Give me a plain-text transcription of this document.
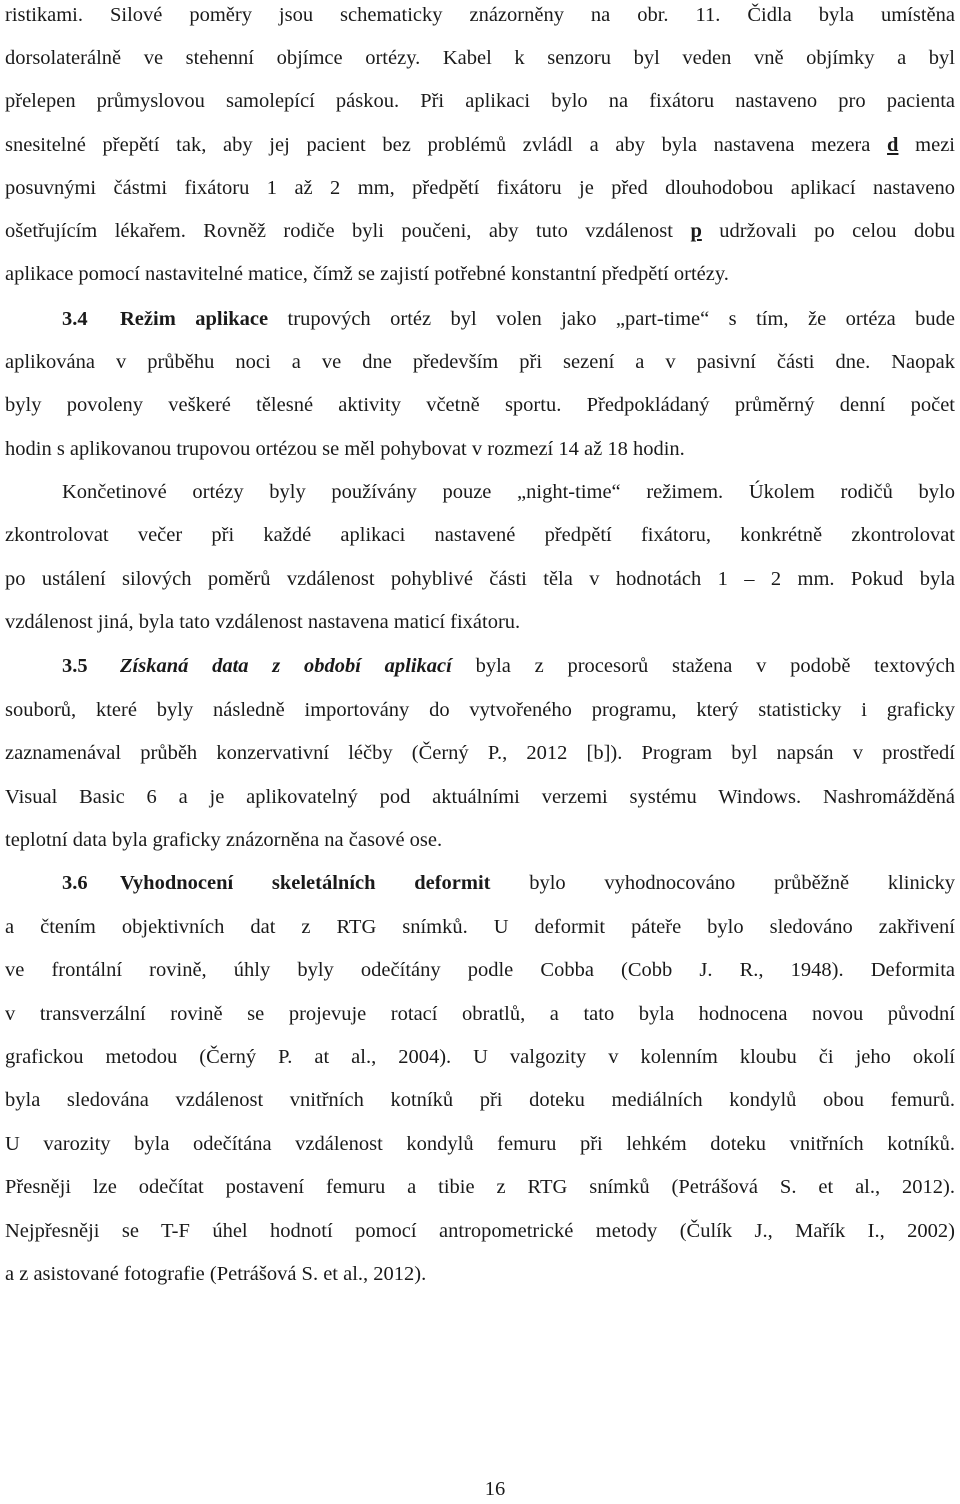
ristikami. Silové poměry jsou schematicky znázorněny na obr. 11. Čidla byla umístěna
dorsolaterálně ve stehenní objímce ortézy. Kabel k senzoru byl veden vně objímky a byl
přelepen průmyslovou samolepící páskou. Při aplikaci bylo na fixátoru nastaveno pro pacienta
snesitelné přepětí tak, aby jej pacient bez problémů zvládl a aby byla nastavena mezera d mezi
posuvnými částmi fixátoru 1 až 2 mm, předpětí fixátoru je před dlouhodobou aplikací nastaveno
ošetřujícím lékařem. Rovněž rodiče byli poučeni, aby tuto vzdálenost p udržovali po celou dobu
aplikace pomocí nastavitelné matice, čímž se zajistí potřebné konstantní předpětí ortézy.
3.4 Režim aplikace trupových ortéz byl volen jako „part-time“ s tím, že ortéza bude
aplikována v průběhu noci a ve dne především při sezení a v pasivní části dne. Naopak
byly povoleny veškeré tělesné aktivity včetně sportu. Předpokládaný průměrný denní počet
hodin s aplikovanou trupovou ortézou se měl pohybovat v rozmezí 14 až 18 hodin.
Končetinové ortézy byly používány pouze „night-time“ režimem. Úkolem rodičů bylo
zkontrolovat večer při každé aplikaci nastavené předpětí fixátoru, konkrétně zkontrolovat
po ustálení silových poměrů vzdálenost pohyblivé části těla v hodnotách 1 – 2 mm. Pokud byla
vzdálenost jiná, byla tato vzdálenost nastavena maticí fixátoru.
3.5 Získaná data z období aplikací byla z procesorů stažena v podobě textových
souborů, které byly následně importovány do vytvořeného programu, který statisticky i graficky
zaznamenával průběh konzervativní léčby (Černý P., 2012 [b]). Program byl napsán v prostředí
Visual Basic 6 a je aplikovatelný pod aktuálními verzemi systému Windows. Nashromážděná
teplotní data byla graficky znázorněna na časové ose.
3.6 Vyhodnocení skeletálních deformit bylo vyhodnocováno průběžně klinicky
a čtením objektivních dat z RTG snímků. U deformit páteře bylo sledováno zakřivení
ve frontální rovině, úhly byly odečítány podle Cobba (Cobb J. R., 1948). Deformita
v transverzální rovině se projevuje rotací obratlů, a tato byla hodnocena novou původní
grafickou metodou (Černý P. at al., 2004). U valgozity v kolenním kloubu či jeho okolí
byla sledována vzdálenost vnitřních kotníků při doteku mediálních kondylů obou femurů.
U varozity byla odečítána vzdálenost kondylů femuru při lehkém doteku vnitřních kotníků.
Přesněji lze odečítat postavení femuru a tibie z RTG snímků (Petrášová S. et al., 2012).
Nejpřesněji se T-F úhel hodnotí pomocí antropometrické metody (Čulík J., Mařík I., 2002)
a z asistované fotografie (Petrášová S. et al., 2012).
16
